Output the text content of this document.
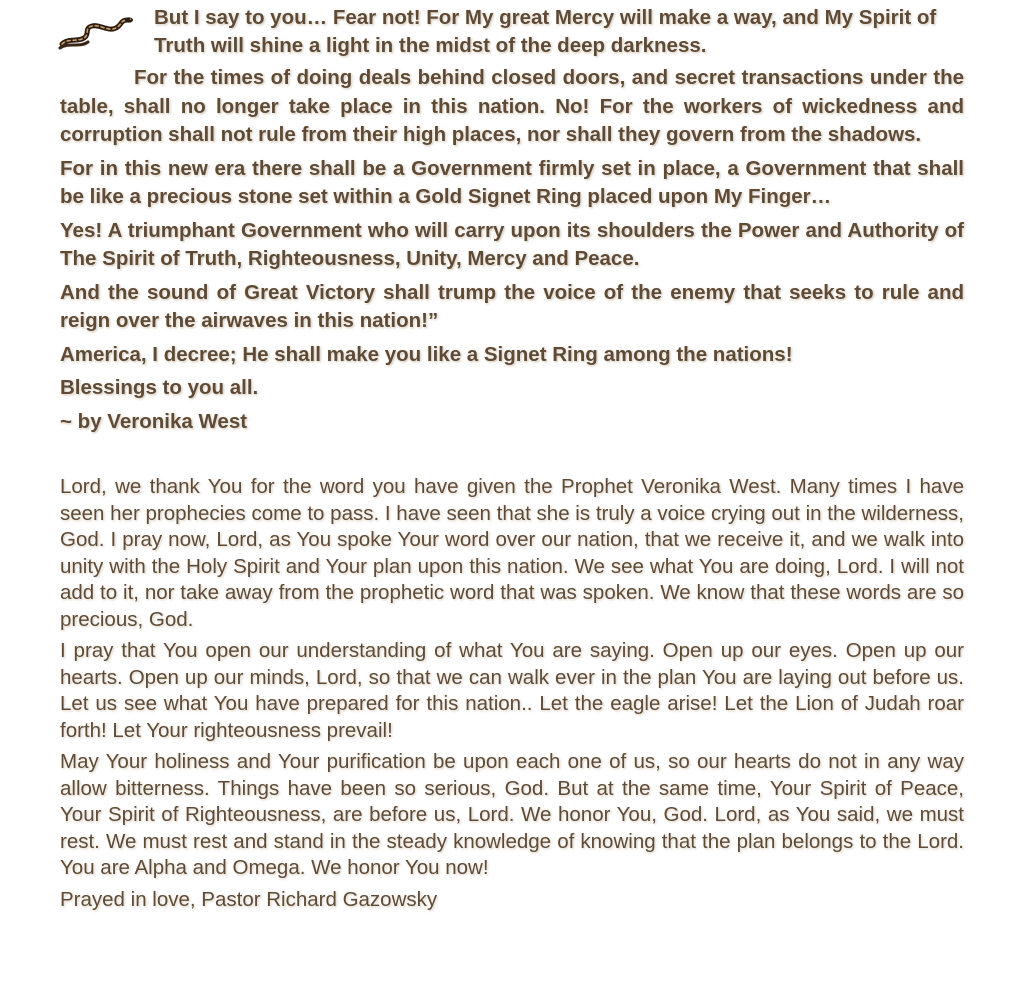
But I say to you… Fear not! For My great Mercy will make a way, and My Spirit of Truth will shine a light in the midst of the deep darkness.

For the times of doing deals behind closed doors, and secret transactions under the table, shall no longer take place in this nation. No! For the workers of wickedness and corruption shall not rule from their high places, nor shall they govern from the shadows.

For in this new era there shall be a Government firmly set in place, a Government that shall be like a precious stone set within a Gold Signet Ring placed upon My Finger…

Yes! A triumphant Government who will carry upon its shoulders the Power and Authority of The Spirit of Truth, Righteousness, Unity, Mercy and Peace.

And the sound of Great Victory shall trump the voice of the enemy that seeks to rule and reign over the airwaves in this nation!”

America, I decree; He shall make you like a Signet Ring among the nations!

Blessings to you all.

~ by Veronika West

Lord, we thank You for the word you have given the Prophet Veronika West. Many times I have seen her prophecies come to pass. I have seen that she is truly a voice crying out in the wilderness, God. I pray now, Lord, as You spoke Your word over our nation, that we receive it, and we walk into unity with the Holy Spirit and Your plan upon this nation. We see what You are doing, Lord. I will not add to it, nor take away from the prophetic word that was spoken. We know that these words are so precious, God.

I pray that You open our understanding of what You are saying. Open up our eyes. Open up our hearts. Open up our minds, Lord, so that we can walk ever in the plan You are laying out before us. Let us see what You have prepared for this nation.. Let the eagle arise! Let the Lion of Judah roar forth! Let Your righteousness prevail!

May Your holiness and Your purification be upon each one of us, so our hearts do not in any way allow bitterness. Things have been so serious, God. But at the same time, Your Spirit of Peace, Your Spirit of Righteousness, are before us, Lord. We honor You, God. Lord, as You said, we must rest. We must rest and stand in the steady knowledge of knowing that the plan belongs to the Lord. You are Alpha and Omega. We honor You now!

Prayed in love, Pastor Richard Gazowsky
